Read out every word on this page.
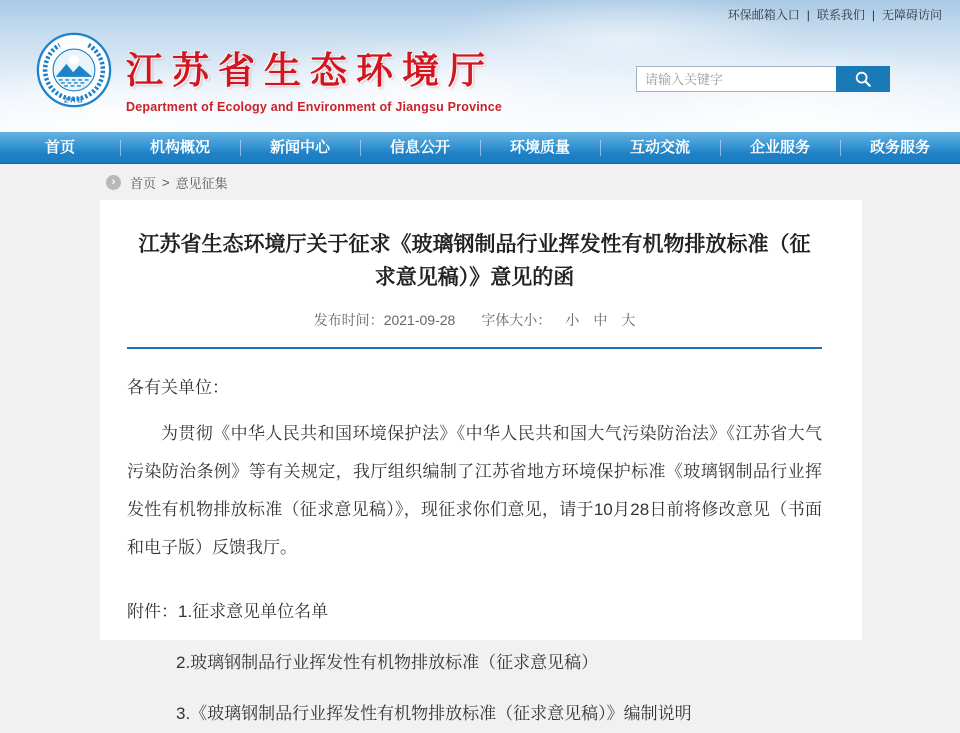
环保邮箱入口 | 联系我们 | 无障碍访问
ZHB
江苏省生态环境厅
Department of Ecology and Environment of Jiangsu Province
请输入关键字
首页	机构概况	新闻中心	信息公开	环境质量	互动交流	企业服务	政务服务
›	首页 > 意见征集
江苏省生态环境厅关于征求《玻璃钢制品行业挥发性有机物排放标准（征求意见稿）》意见的函
发布时间：2021-09-28 字体大小： 小 中 大
各有关单位：
为贯彻《中华人民共和国环境保护法》《中华人民共和国大气污染防治法》《江苏省大气污染防治条例》等有关规定，我厅组织编制了江苏省地方环境保护标准《玻璃钢制品行业挥发性有机物排放标准（征求意见稿）》，现征求你们意见，请于10月28日前将修改意见（书面和电子版）反馈我厅。
附件：1.征求意见单位名单
2.玻璃钢制品行业挥发性有机物排放标准（征求意见稿）
3.《玻璃钢制品行业挥发性有机物排放标准（征求意见稿）》编制说明
